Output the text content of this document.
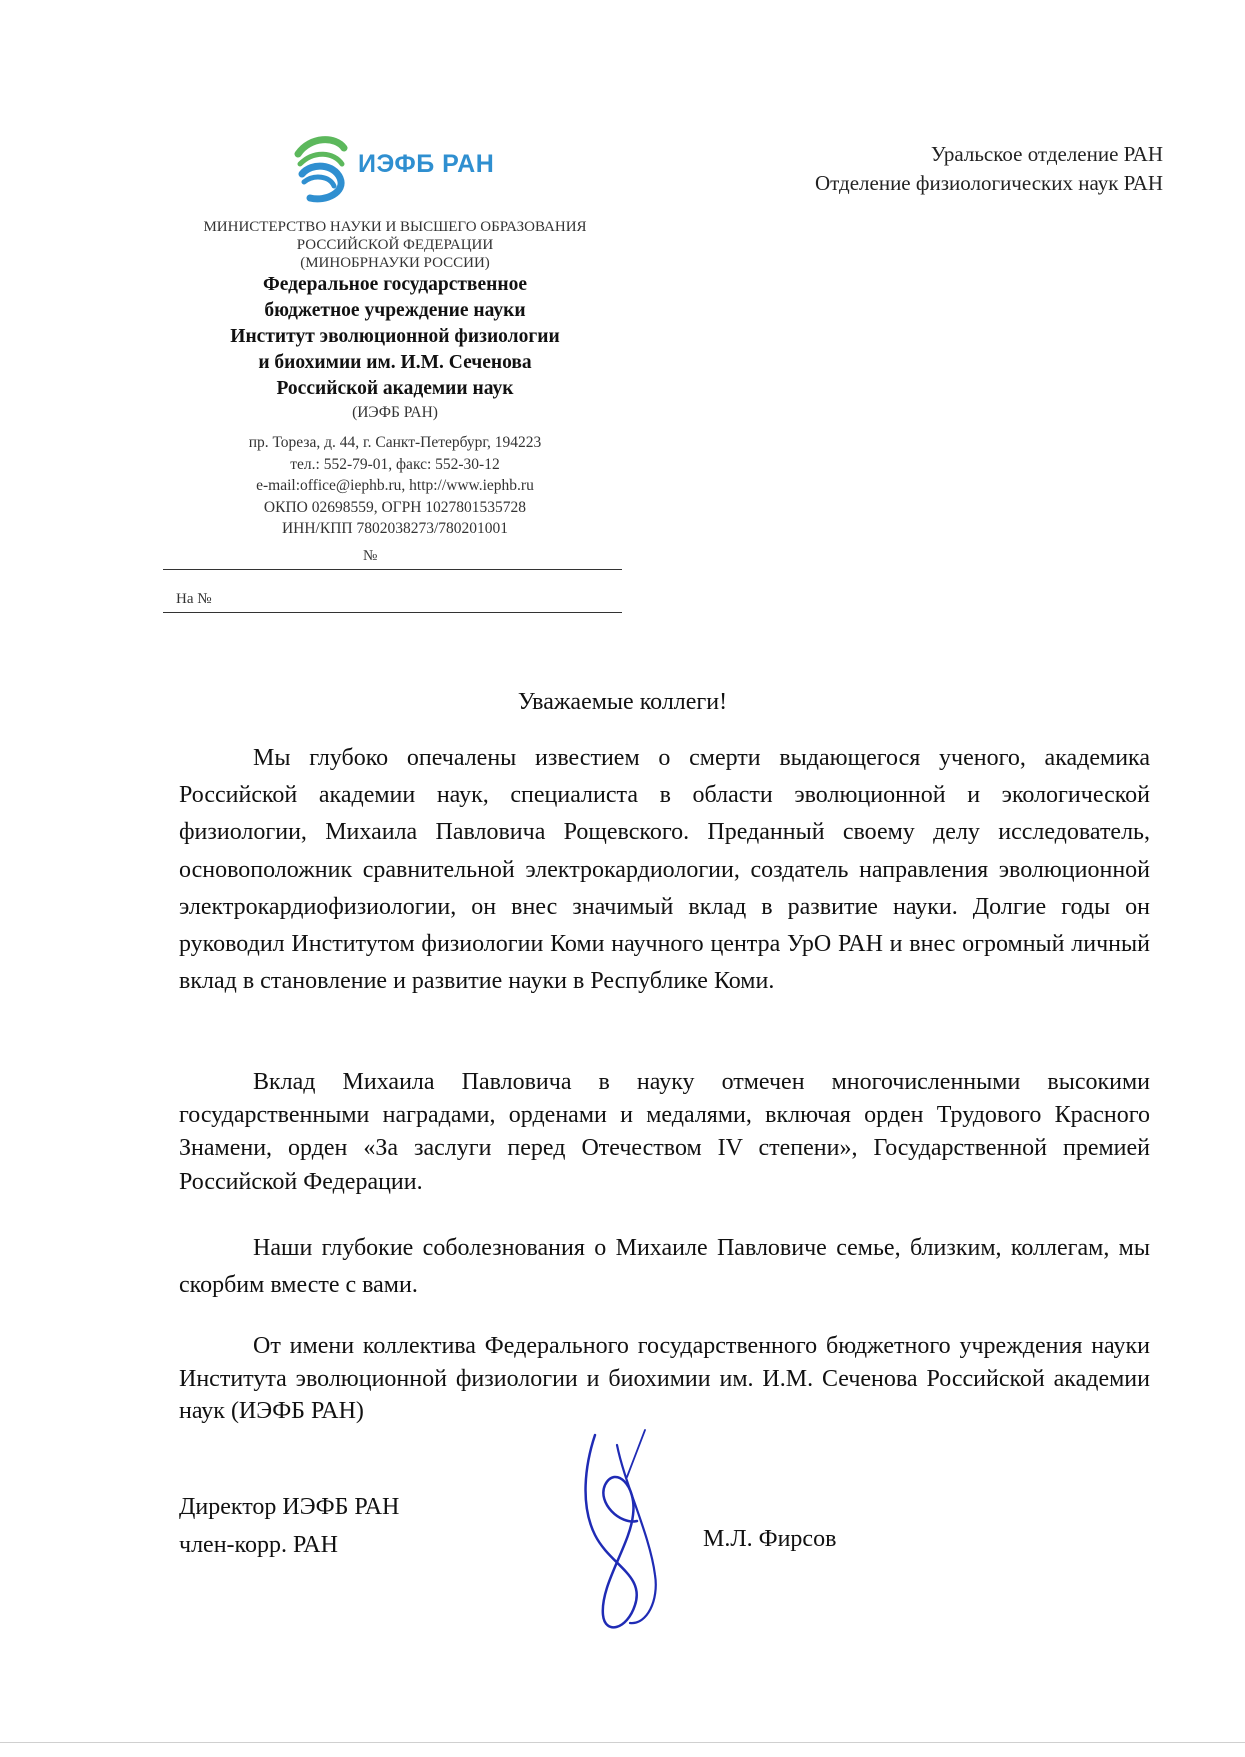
ИЭФБ РАН
МИНИСТЕРСТВО НАУКИ И ВЫСШЕГО ОБРАЗОВАНИЯ
РОССИЙСКОЙ ФЕДЕРАЦИИ
(МИНОБРНАУКИ РОССИИ)
Федеральное государственное
бюджетное учреждение науки
Институт эволюционной физиологии
и биохимии им. И.М. Сеченова
Российской академии наук
(ИЭФБ РАН)
пр. Тореза, д. 44, г. Санкт-Петербург, 194223
тел.: 552-79-01, факс: 552-30-12
e-mail:office@iephb.ru, http://www.iephb.ru
ОКПО 02698559, ОГРН 1027801535728
ИНН/КПП 7802038273/780201001
№
На №
Уральское отделение РАН
Отделение физиологических наук РАН
Уважаемые коллеги!

Мы глубоко опечалены известием о смерти выдающегося ученого, академика Российской академии наук, специалиста в области эволюционной и экологической физиологии, Михаила Павловича Рощевского. Преданный своему делу исследователь, основоположник сравнительной электрокардиологии, создатель направления эволюционной электрокардиофизиологии, он внес значимый вклад в развитие науки. Долгие годы он руководил Институтом физиологии Коми научного центра УрО РАН и внес огромный личный вклад в становление и развитие науки в Республике Коми.

Вклад Михаила Павловича в науку отмечен многочисленными высокими государственными наградами, орденами и медалями, включая орден Трудового Красного Знамени, орден «За заслуги перед Отечеством IV степени», Государственной премией Российской Федерации.

Наши глубокие соболезнования о Михаиле Павловиче семье, близким, коллегам, мы скорбим вместе с вами.

От имени коллектива Федерального государственного бюджетного учреждения науки Института эволюционной физиологии и биохимии им. И.М. Сеченова Российской академии наук (ИЭФБ РАН)

Директор ИЭФБ РАН
член-корр. РАН	М.Л. Фирсов
